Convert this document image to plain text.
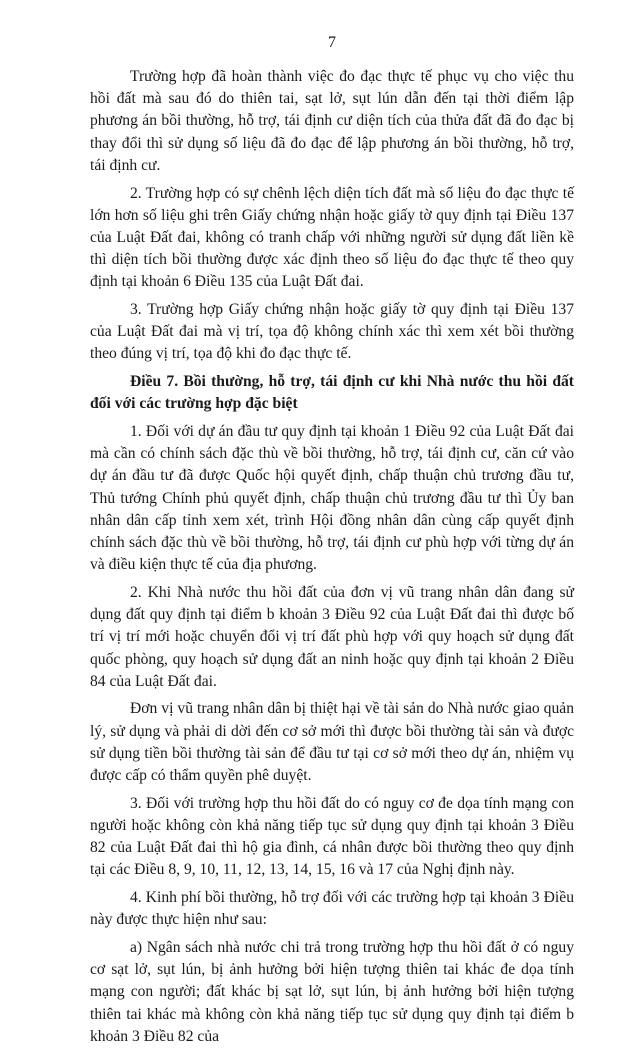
7

Trường hợp đã hoàn thành việc đo đạc thực tế phục vụ cho việc thu hồi đất mà sau đó do thiên tai, sạt lở, sụt lún dẫn đến tại thời điểm lập phương án bồi thường, hỗ trợ, tái định cư diện tích của thửa đất đã đo đạc bị thay đổi thì sử dụng số liệu đã đo đạc để lập phương án bồi thường, hỗ trợ, tái định cư.

2. Trường hợp có sự chênh lệch diện tích đất mà số liệu đo đạc thực tế lớn hơn số liệu ghi trên Giấy chứng nhận hoặc giấy tờ quy định tại Điều 137 của Luật Đất đai, không có tranh chấp với những người sử dụng đất liền kề thì diện tích bồi thường được xác định theo số liệu đo đạc thực tế theo quy định tại khoản 6 Điều 135 của Luật Đất đai.

3. Trường hợp Giấy chứng nhận hoặc giấy tờ quy định tại Điều 137 của Luật Đất đai mà vị trí, tọa độ không chính xác thì xem xét bồi thường theo đúng vị trí, tọa độ khi đo đạc thực tế.

Điều 7. Bồi thường, hỗ trợ, tái định cư khi Nhà nước thu hồi đất đối với các trường hợp đặc biệt

1. Đối với dự án đầu tư quy định tại khoản 1 Điều 92 của Luật Đất đai mà cần có chính sách đặc thù về bồi thường, hỗ trợ, tái định cư, căn cứ vào dự án đầu tư đã được Quốc hội quyết định, chấp thuận chủ trương đầu tư, Thủ tướng Chính phủ quyết định, chấp thuận chủ trương đầu tư thì Ủy ban nhân dân cấp tỉnh xem xét, trình Hội đồng nhân dân cùng cấp quyết định chính sách đặc thù về bồi thường, hỗ trợ, tái định cư phù hợp với từng dự án và điều kiện thực tế của địa phương.

2. Khi Nhà nước thu hồi đất của đơn vị vũ trang nhân dân đang sử dụng đất quy định tại điểm b khoản 3 Điều 92 của Luật Đất đai thì được bố trí vị trí mới hoặc chuyển đổi vị trí đất phù hợp với quy hoạch sử dụng đất quốc phòng, quy hoạch sử dụng đất an ninh hoặc quy định tại khoản 2 Điều 84 của Luật Đất đai.

Đơn vị vũ trang nhân dân bị thiệt hại về tài sản do Nhà nước giao quản lý, sử dụng và phải di dời đến cơ sở mới thì được bồi thường tài sản và được sử dụng tiền bồi thường tài sản để đầu tư tại cơ sở mới theo dự án, nhiệm vụ được cấp có thẩm quyền phê duyệt.

3. Đối với trường hợp thu hồi đất do có nguy cơ đe dọa tính mạng con người hoặc không còn khả năng tiếp tục sử dụng quy định tại khoản 3 Điều 82 của Luật Đất đai thì hộ gia đình, cá nhân được bồi thường theo quy định tại các Điều 8, 9, 10, 11, 12, 13, 14, 15, 16 và 17 của Nghị định này.

4. Kinh phí bồi thường, hỗ trợ đối với các trường hợp tại khoản 3 Điều này được thực hiện như sau:

a) Ngân sách nhà nước chi trả trong trường hợp thu hồi đất ở có nguy cơ sạt lở, sụt lún, bị ảnh hưởng bởi hiện tượng thiên tai khác đe dọa tính mạng con người; đất khác bị sạt lở, sụt lún, bị ảnh hưởng bởi hiện tượng thiên tai khác mà không còn khả năng tiếp tục sử dụng quy định tại điểm b khoản 3 Điều 82 của
